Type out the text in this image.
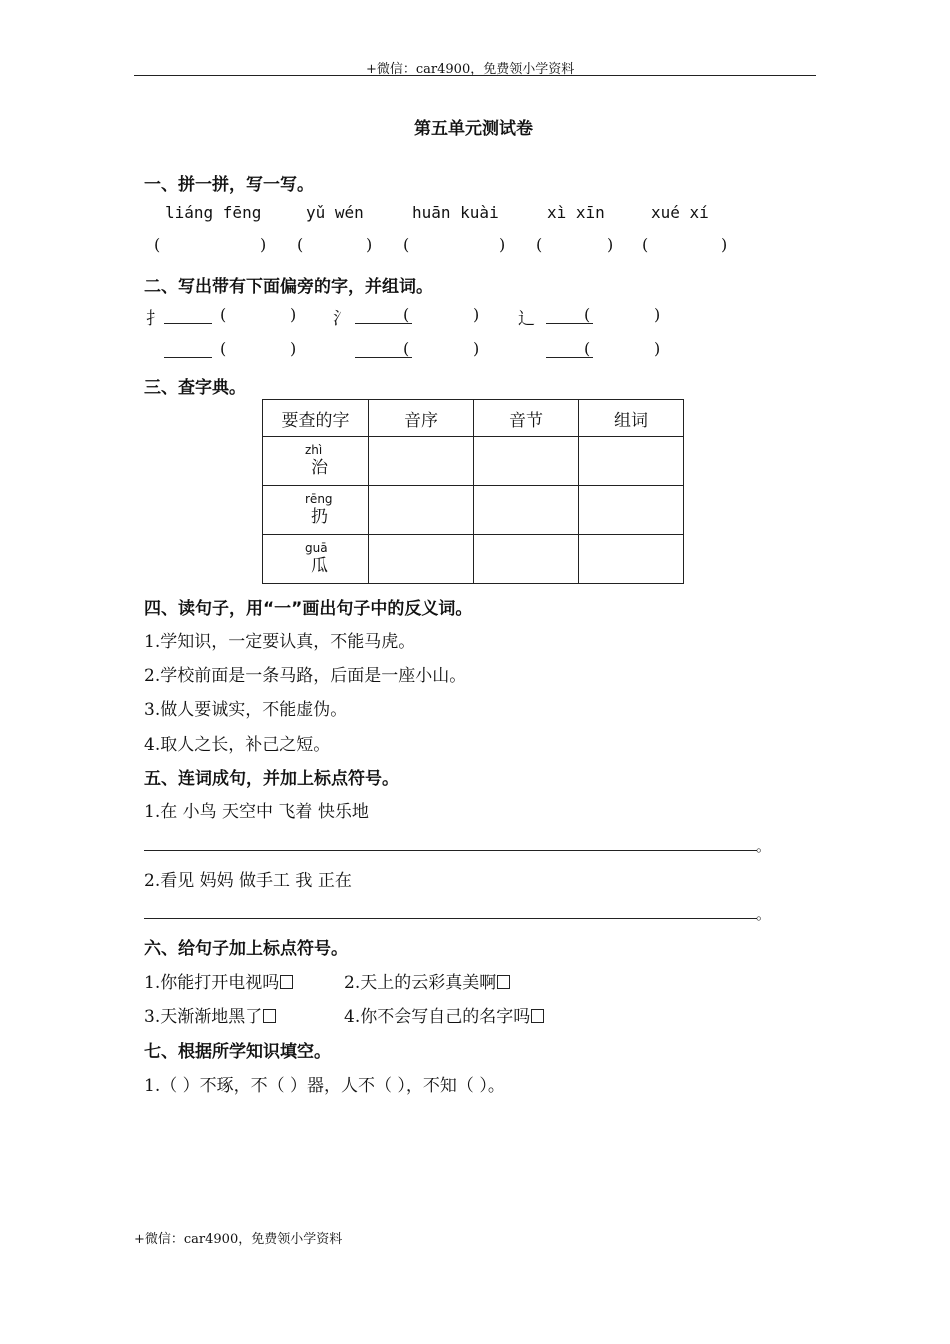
+微信：car4900，免费领小学资料
第五单元测试卷
一、拼一拼，写一写。
liáng fēng	yǔ wén	huān kuài	xì xīn	xué xí
(	) (	) (	) (	) (	)
二、写出带有下面偏旁的字，并组词。
扌	(	) 氵	(	) 辶	(	)
(	)	(	)	(	)
三、查字典。
要查的字	音序	音节	组词

zhì
治			

rēng
扔			

guā
瓜			

四、读句子，用“一”画出句子中的反义词。
1.学知识，一定要认真，不能马虎。
2.学校前面是一条马路，后面是一座小山。
3.做人要诚实，不能虚伪。
4.取人之长，补己之短。
五、连词成句，并加上标点符号。
1.在 小鸟 天空中 飞着 快乐地
。
2.看见 妈妈 做手工 我 正在
。
六、给句子加上标点符号。
1.你能打开电视吗	2.天上的云彩真美啊
3.天渐渐地黑了	4.你不会写自己的名字吗
七、根据所学知识填空。
1.（ ）不琢，不（ ）器，人不（ ），不知（ ）。
+微信：car4900，免费领小学资料
